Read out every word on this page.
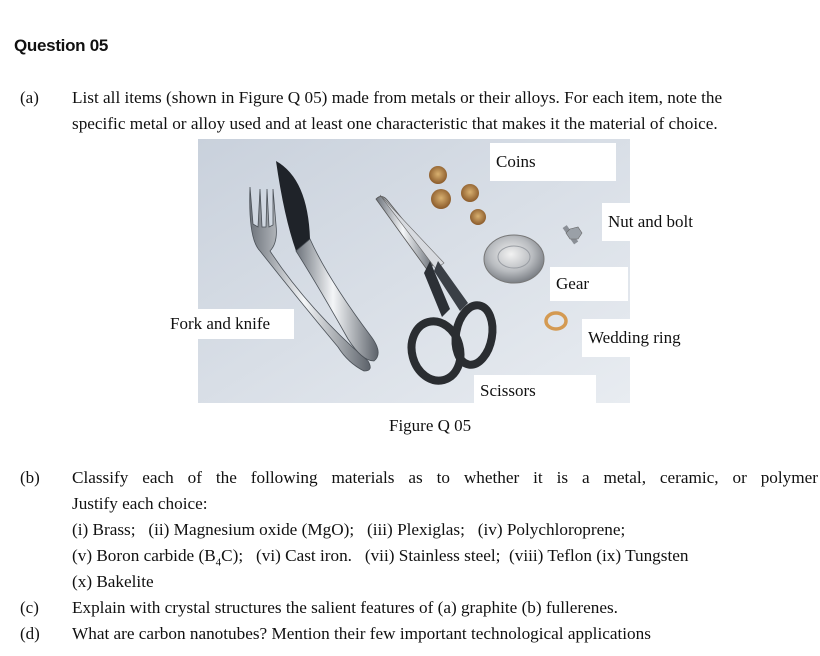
Question 05
(a) List all items (shown in Figure Q 05) made from metals or their alloys. For each item, note the
specific metal or alloy used and at least one characteristic that makes it the material of choice.
Coins
Nut and bolt
Gear
Fork and knife
Wedding ring
Scissors
Figure Q 05
(b) Classify each of the following materials as to whether it is a metal, ceramic, or polymer
Justify each choice:
(i) Brass;   (ii) Magnesium oxide (MgO);   (iii) Plexiglas;   (iv) Polychloroprene;
(v) Boron carbide $(B_4C)$;   (vi) Cast iron.   (vii) Stainless steel;  (viii) Teflon (ix) Tungsten
(x) Bakelite
(c) Explain with crystal structures the salient features of (a) graphite (b) fullerenes.
(d) What are carbon nanotubes? Mention their few important technological applications
